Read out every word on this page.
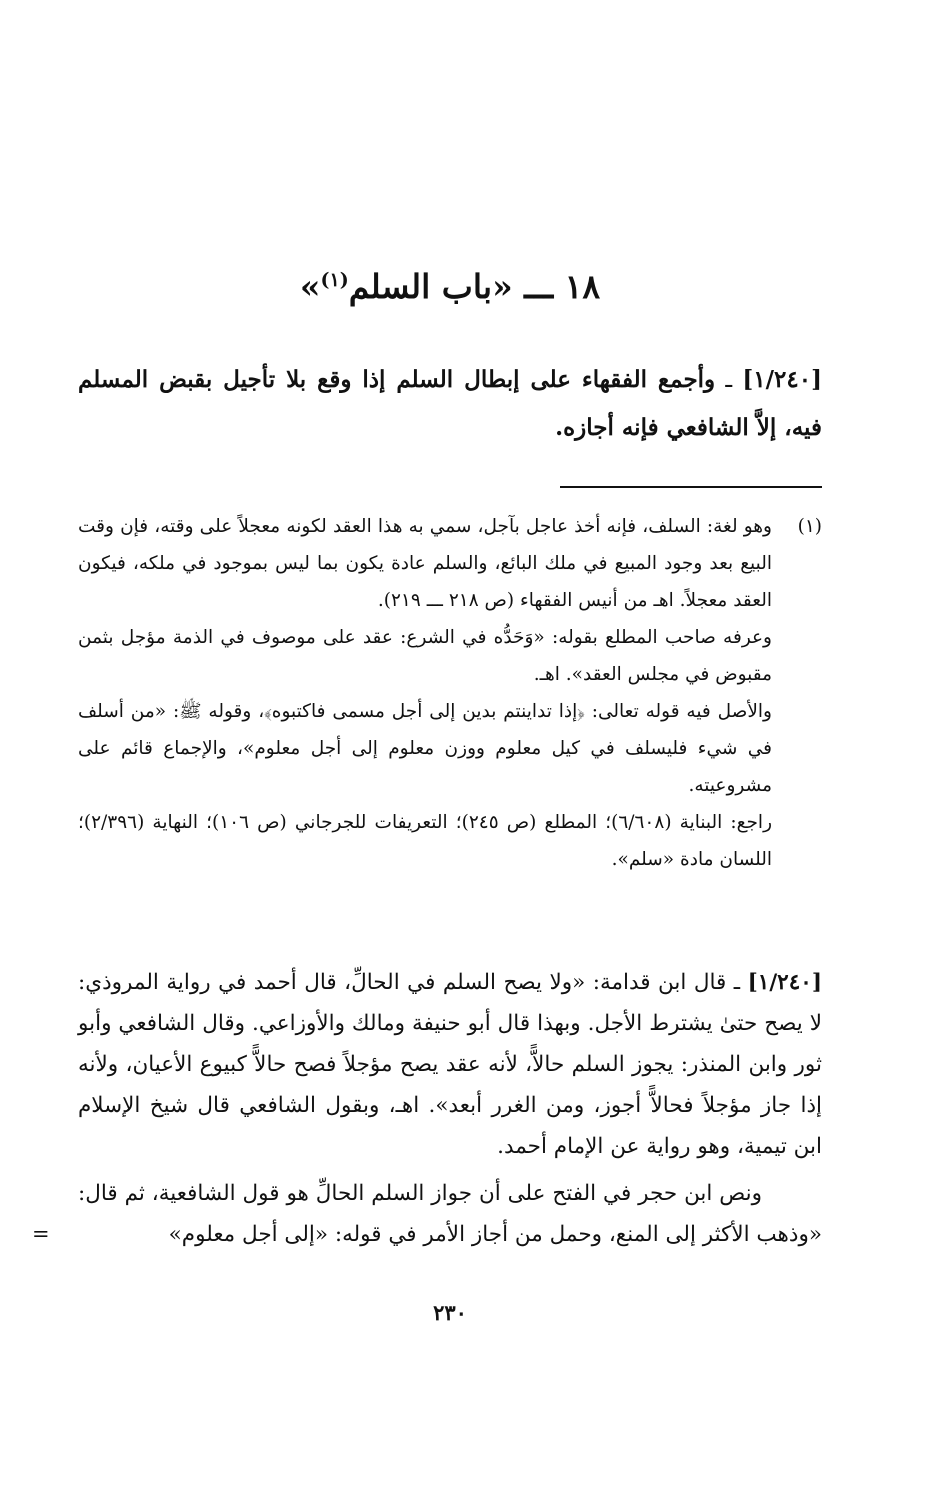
١٨ ـــ «باب السلم$^{(١)}$»

[١/٢٤٠] ـ وأجمع الفقهاء على إبطال السلم إذا وقع بلا تأجيل بقبض المسلم فيه، إلاَّ الشافعي فإنه أجازه.

(١)

وهو لغة: السلف، فإنه أخذ عاجل بآجل، سمي به هذا العقد لكونه معجلاً على وقته، فإن وقت البيع بعد وجود المبيع في ملك البائع، والسلم عادة يكون بما ليس بموجود في ملكه، فيكون العقد معجلاً. اهـ من أنيس الفقهاء (ص ٢١٨ ـــ ٢١٩).

وعرفه صاحب المطلع بقوله: «وَحَدُّه في الشرع: عقد على موصوف في الذمة مؤجل بثمن مقبوض في مجلس العقد». اهـ.

والأصل فيه قوله تعالى: ﴿إذا تداينتم بدين إلى أجل مسمى فاكتبوه﴾، وقوله ﷺ: «من أسلف في شيء فليسلف في كيل معلوم ووزن معلوم إلى أجل معلوم»، والإجماع قائم على مشروعيته.

راجع: البناية (٦/٦٠٨)؛ المطلع (ص ٢٤٥)؛ التعريفات للجرجاني (ص ١٠٦)؛ النهاية (٢/٣٩٦)؛ اللسان مادة «سلم».

[١/٢٤٠] ـ قال ابن قدامة: «ولا يصح السلم في الحالِّ، قال أحمد في رواية المروذي: لا يصح حتىٰ يشترط الأجل. وبهذا قال أبو حنيفة ومالك والأوزاعي. وقال الشافعي وأبو ثور وابن المنذر: يجوز السلم حالاًّ، لأنه عقد يصح مؤجلاً فصح حالاًّ كبيوع الأعيان، ولأنه إذا جاز مؤجلاً فحالاًّ أجوز، ومن الغرر أبعد». اهـ، وبقول الشافعي قال شيخ الإسلام ابن تيمية، وهو رواية عن الإمام أحمد.

ونص ابن حجر في الفتح على أن جواز السلم الحالِّ هو قول الشافعية، ثم قال: «وذهب الأكثر إلى المنع، وحمل من أجاز الأمر في قوله: «إلى أجل معلوم»

=
٢٣٠
